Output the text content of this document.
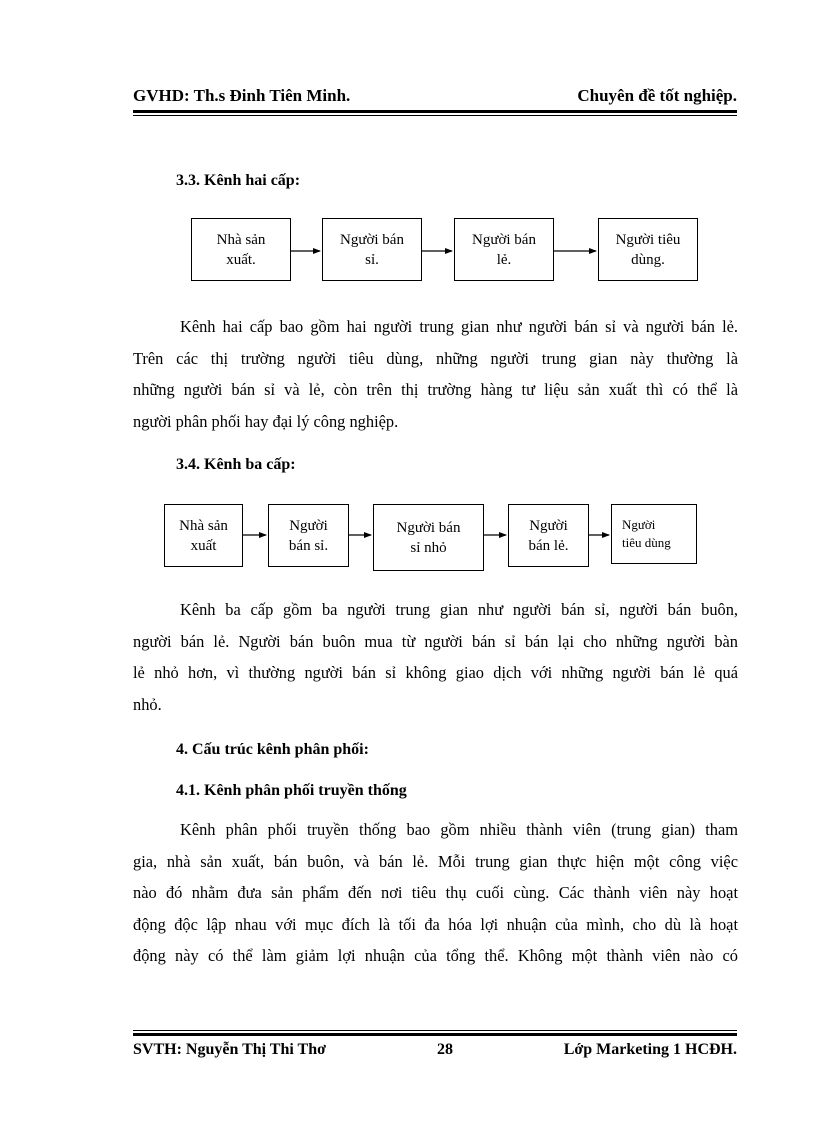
GVHD: Th.s Đinh Tiên Minh.	Chuyên đề tốt nghiệp.
3.3. Kênh hai cấp:
Nhà sản
xuất.
Người bán
sỉ.
Người bán
lẻ.
Người tiêu
dùng.
Kênh hai cấp bao gồm hai người trung gian như người bán sỉ và người bán lẻ.
Trên các thị trường người tiêu dùng, những người trung gian này thường là
những người bán sỉ và lẻ, còn trên thị trường hàng tư liệu sản xuất thì có thể là
người phân phối hay đại lý công nghiệp.
3.4. Kênh ba cấp:
Nhà sản
xuất
Người
bán sỉ.
Người bán
sỉ nhỏ
Người
bán lẻ.
Người
tiêu dùng
Kênh ba cấp gồm ba người trung gian như người bán sỉ, người bán buôn,
người bán lẻ. Người bán buôn mua từ người bán sỉ bán lại cho những người bàn
lẻ nhỏ hơn, vì thường người bán sỉ không giao dịch với những người bán lẻ quá
nhỏ.
4. Cấu trúc kênh phân phối:
4.1. Kênh phân phối truyền thống
Kênh phân phối truyền thống bao gồm nhiều thành viên (trung gian) tham
gia, nhà sản xuất, bán buôn, và bán lẻ. Mỗi trung gian thực hiện một công việc
nào đó nhằm đưa sản phẩm đến nơi tiêu thụ cuối cùng. Các thành viên này hoạt
động độc lập nhau với mục đích là tối đa hóa lợi nhuận của mình, cho dù là hoạt
động này có thể làm giảm lợi nhuận của tổng thể. Không một thành viên nào có
SVTH: Nguyễn Thị Thi Thơ	28	Lớp Marketing 1 HCĐH.
